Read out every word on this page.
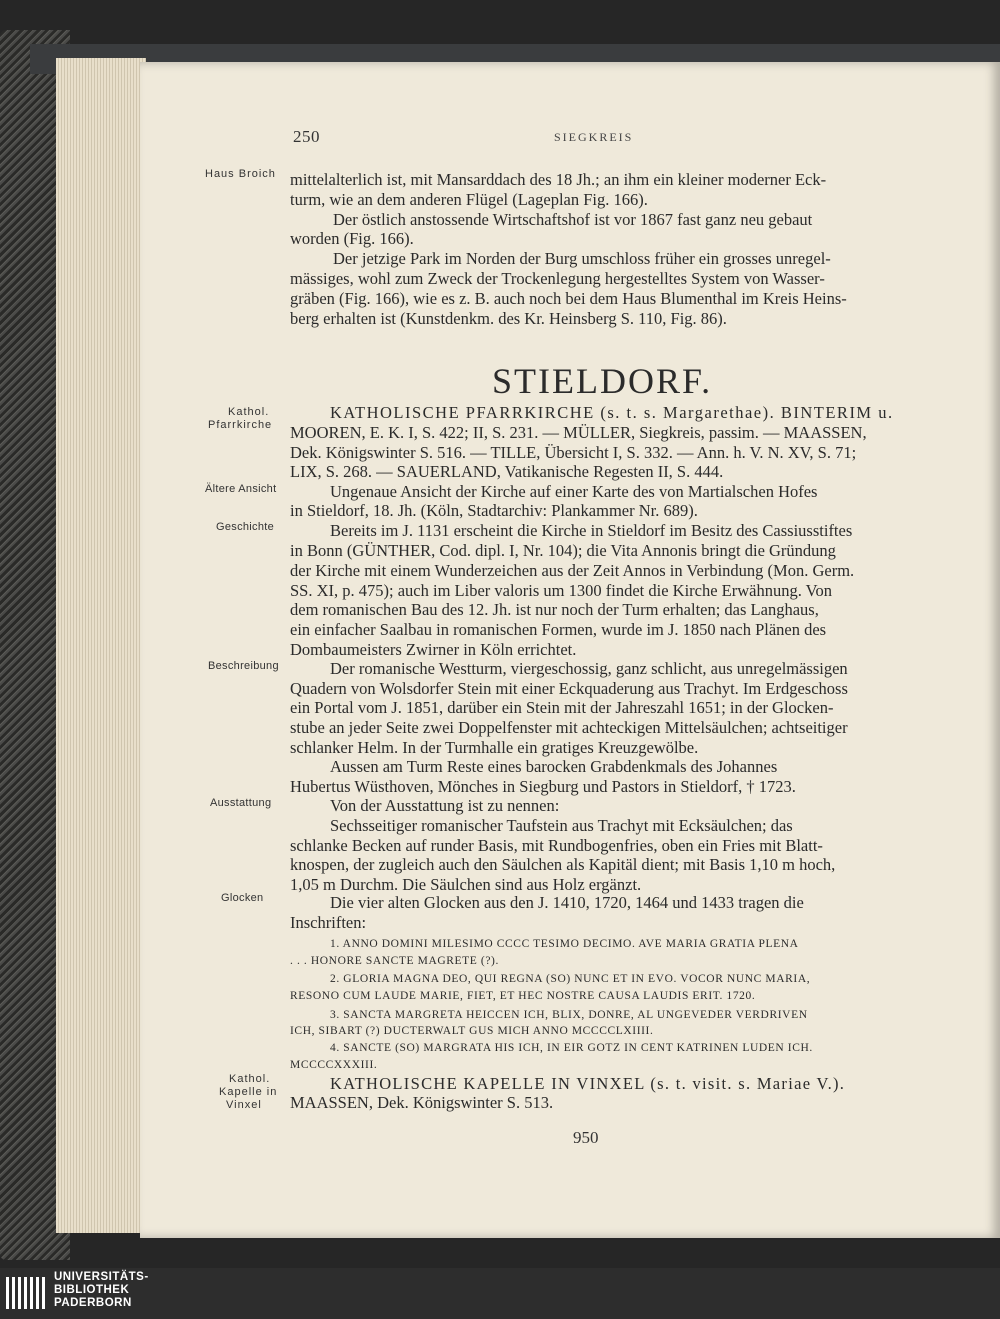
250	SIEGKREIS
Haus Broich
Kathol.
Pfarrkirche
Ältere Ansicht
Geschichte
Beschreibung
Ausstattung
Glocken
Kathol.
Kapelle in
Vinxel
mittelalterlich ist, mit Mansarddach des 18 Jh.; an ihm ein kleiner moderner Eck-
turm, wie an dem anderen Flügel (Lageplan Fig. 166).
Der östlich anstossende Wirtschaftshof ist vor 1867 fast ganz neu gebaut
worden (Fig. 166).
Der jetzige Park im Norden der Burg umschloss früher ein grosses unregel-
mässiges, wohl zum Zweck der Trockenlegung hergestelltes System von Wasser-
gräben (Fig. 166), wie es z. B. auch noch bei dem Haus Blumenthal im Kreis Heins-
berg erhalten ist (Kunstdenkm. des Kr. Heinsberg S. 110, Fig. 86).
STIELDORF.
KATHOLISCHE PFARRKIRCHE (s. t. s. Margarethae). BINTERIM u.
MOOREN, E. K. I, S. 422; II, S. 231. — MÜLLER, Siegkreis, passim. — MAASSEN,
Dek. Königswinter S. 516. — TILLE, Übersicht I, S. 332. — Ann. h. V. N. XV, S. 71;
LIX, S. 268. — SAUERLAND, Vatikanische Regesten II, S. 444.
Ungenaue Ansicht der Kirche auf einer Karte des von Martialschen Hofes
in Stieldorf, 18. Jh. (Köln, Stadtarchiv: Plankammer Nr. 689).
Bereits im J. 1131 erscheint die Kirche in Stieldorf im Besitz des Cassiusstiftes
in Bonn (GÜNTHER, Cod. dipl. I, Nr. 104); die Vita Annonis bringt die Gründung
der Kirche mit einem Wunderzeichen aus der Zeit Annos in Verbindung (Mon. Germ.
SS. XI, p. 475); auch im Liber valoris um 1300 findet die Kirche Erwähnung. Von
dem romanischen Bau des 12. Jh. ist nur noch der Turm erhalten; das Langhaus,
ein einfacher Saalbau in romanischen Formen, wurde im J. 1850 nach Plänen des
Dombaumeisters Zwirner in Köln errichtet.
Der romanische Westturm, viergeschossig, ganz schlicht, aus unregelmässigen
Quadern von Wolsdorfer Stein mit einer Eckquaderung aus Trachyt. Im Erdgeschoss
ein Portal vom J. 1851, darüber ein Stein mit der Jahreszahl 1651; in der Glocken-
stube an jeder Seite zwei Doppelfenster mit achteckigen Mittelsäulchen; achtseitiger
schlanker Helm. In der Turmhalle ein gratiges Kreuzgewölbe.
Aussen am Turm Reste eines barocken Grabdenkmals des Johannes
Hubertus Wüsthoven, Mönches in Siegburg und Pastors in Stieldorf, † 1723.
Von der Ausstattung ist zu nennen:
Sechsseitiger romanischer Taufstein aus Trachyt mit Ecksäulchen; das
schlanke Becken auf runder Basis, mit Rundbogenfries, oben ein Fries mit Blatt-
knospen, der zugleich auch den Säulchen als Kapitäl dient; mit Basis 1,10 m hoch,
1,05 m Durchm. Die Säulchen sind aus Holz ergänzt.
Die vier alten Glocken aus den J. 1410, 1720, 1464 und 1433 tragen die
Inschriften:
1. ANNO DOMINI MILESIMO CCCC TESIMO DECIMO. AVE MARIA GRATIA PLENA
. . . HONORE SANCTE MAGRETE (?).
2. GLORIA MAGNA DEO, QUI REGNA (SO) NUNC ET IN EVO. VOCOR NUNC MARIA,
RESONO CUM LAUDE MARIE, FIET, ET HEC NOSTRE CAUSA LAUDIS ERIT. 1720.
3. SANCTA MARGRETA HEICCEN ICH, BLIX, DONRE, AL UNGEVEDER VERDRIVEN
ICH, SIBART (?) DUCTERWALT GUS MICH ANNO MCCCCLXIIII.
4. SANCTE (SO) MARGRATA HIS ICH, IN EIR GOTZ IN CENT KATRINEN LUDEN ICH.
MCCCCXXXIII.
KATHOLISCHE KAPELLE IN VINXEL (s. t. visit. s. Mariae V.).
MAASSEN, Dek. Königswinter S. 513.
950
UNIVERSITÄTS-
BIBLIOTHEK
PADERBORN
